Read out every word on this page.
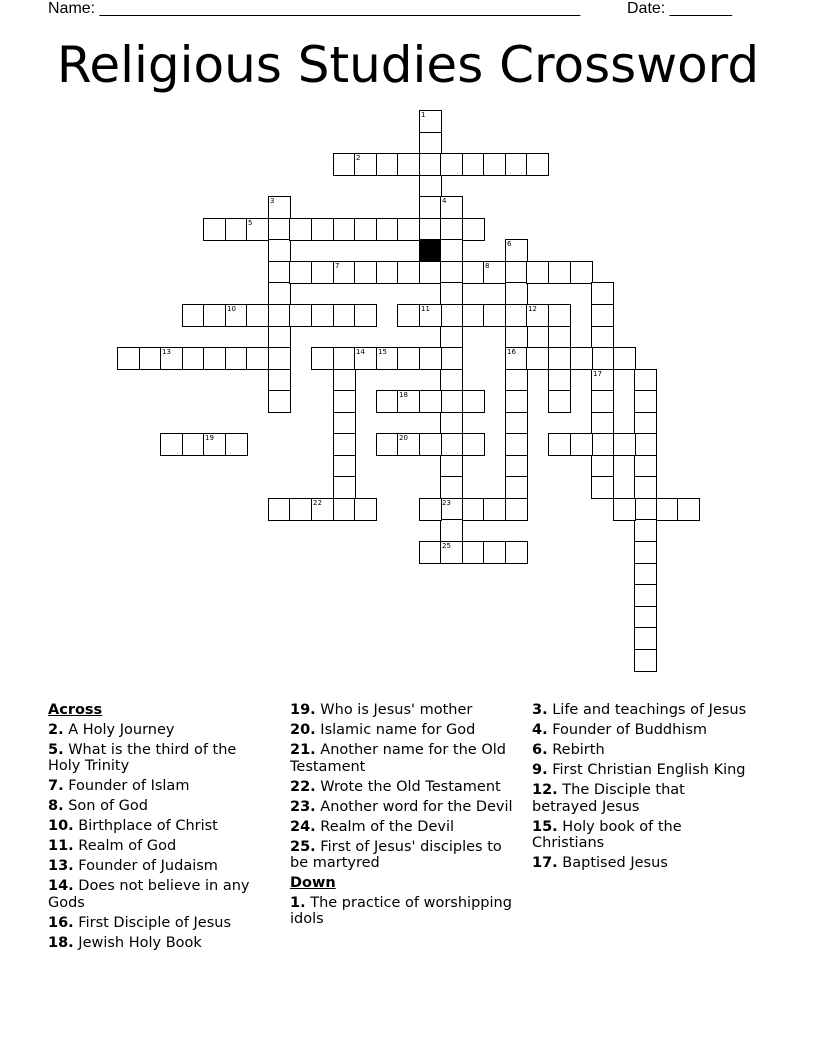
Name: ______________________________________________________	Date: _______
Religious Studies Crossword
1
2
3	4
23
5
6
16
7	8
17
10	11	12
13	14 15
18
19	20
22
25
Across
2. A Holy Journey
5. What is the third of the Holy Trinity
7. Founder of Islam
8. Son of God
10. Birthplace of Christ
11. Realm of God
13. Founder of Judaism
14. Does not believe in any Gods
16. First Disciple of Jesus
18. Jewish Holy Book
19. Who is Jesus' mother
20. Islamic name for God
21. Another name for the Old Testament
22. Wrote the Old Testament
23. Another word for the Devil
24. Realm of the Devil
25. First of Jesus' disciples to be martyred
Down
1. The practice of worshipping idols
3. Life and teachings of Jesus
4. Founder of Buddhism
6. Rebirth
9. First Christian English King
12. The Disciple that betrayed Jesus
15. Holy book of the Christians
17. Baptised Jesus
